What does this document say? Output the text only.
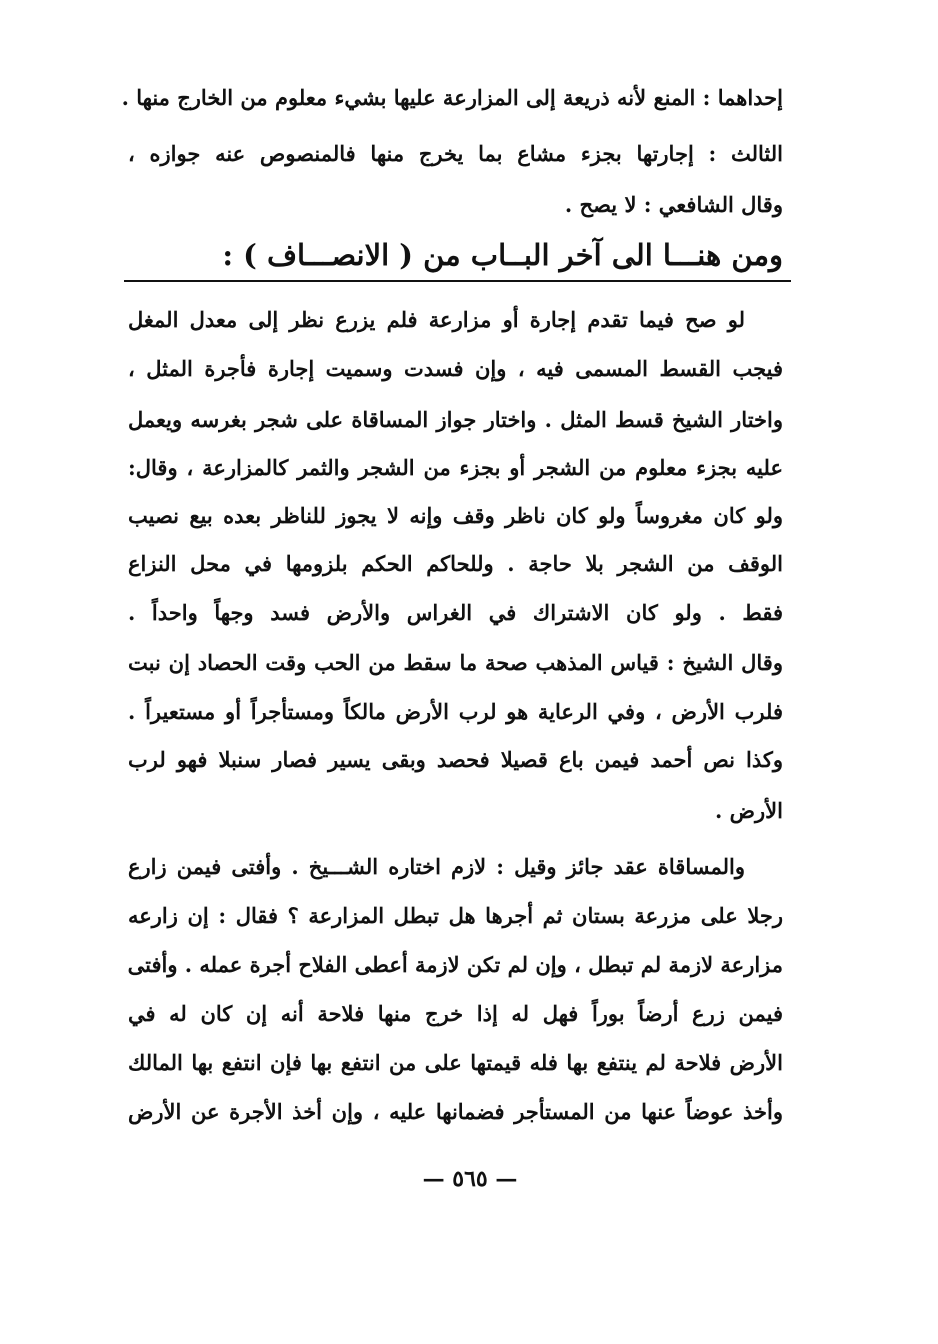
إحداهما : المنع لأنه ذريعة إلى المزارعة عليها بشيء معلوم من الخارج منها .
الثالث : إجارتها بجزء مشاع بما يخرج منها فالمنصوص عنه جوازه ،
وقال الشافعي : لا يصح .
ومن هنـــا الى آخر البــاب من ( الانصـــاف ) :
لو صح فيما تقدم إجارة أو مزارعة فلم يزرع نظر إلى معدل المغل
فيجب القسط المسمى فيه ، وإن فسدت وسميت إجارة فأجرة المثل ،
واختار الشيخ قسط المثل . واختار جواز المساقاة على شجر بغرسه ويعمل
عليه بجزء معلوم من الشجر أو بجزء من الشجر والثمر كالمزارعة ، وقال:
ولو كان مغروساً ولو كان ناظر وقف وإنه لا يجوز للناظر بعده بيع نصيب
الوقف من الشجر بلا حاجة . وللحاكم الحكم بلزومها في محل النزاع
فقط . ولو كان الاشتراك في الغراس والأرض فسد وجهاً واحداً .
وقال الشيخ : قياس المذهب صحة ما سقط من الحب وقت الحصاد إن نبت
فلرب الأرض ، وفي الرعاية هو لرب الأرض مالكاً ومستأجراً أو مستعيراً .
وكذا نص أحمد فيمن باع قصيلا فحصد وبقى يسير فصار سنبلا فهو لرب
الأرض .
والمساقاة عقد جائز وقيل : لازم اختاره الشـــيخ . وأفتى فيمن زارع
رجلا على مزرعة بستان ثم أجرها هل تبطل المزارعة ؟ فقال : إن زارعه
مزارعة لازمة لم تبطل ، وإن لم تكن لازمة أعطى الفلاح أجرة عمله . وأفتى
فيمن زرع أرضاً بوراً فهل له إذا خرج منها فلاحة أنه إن كان له في
الأرض فلاحة لم ينتفع بها فله قيمتها على من انتفع بها فإن انتفع بها المالك
وأخذ عوضاً عنها من المستأجر فضمانها عليه ، وإن أخذ الأجرة عن الأرض
— ٥٦٥ —
